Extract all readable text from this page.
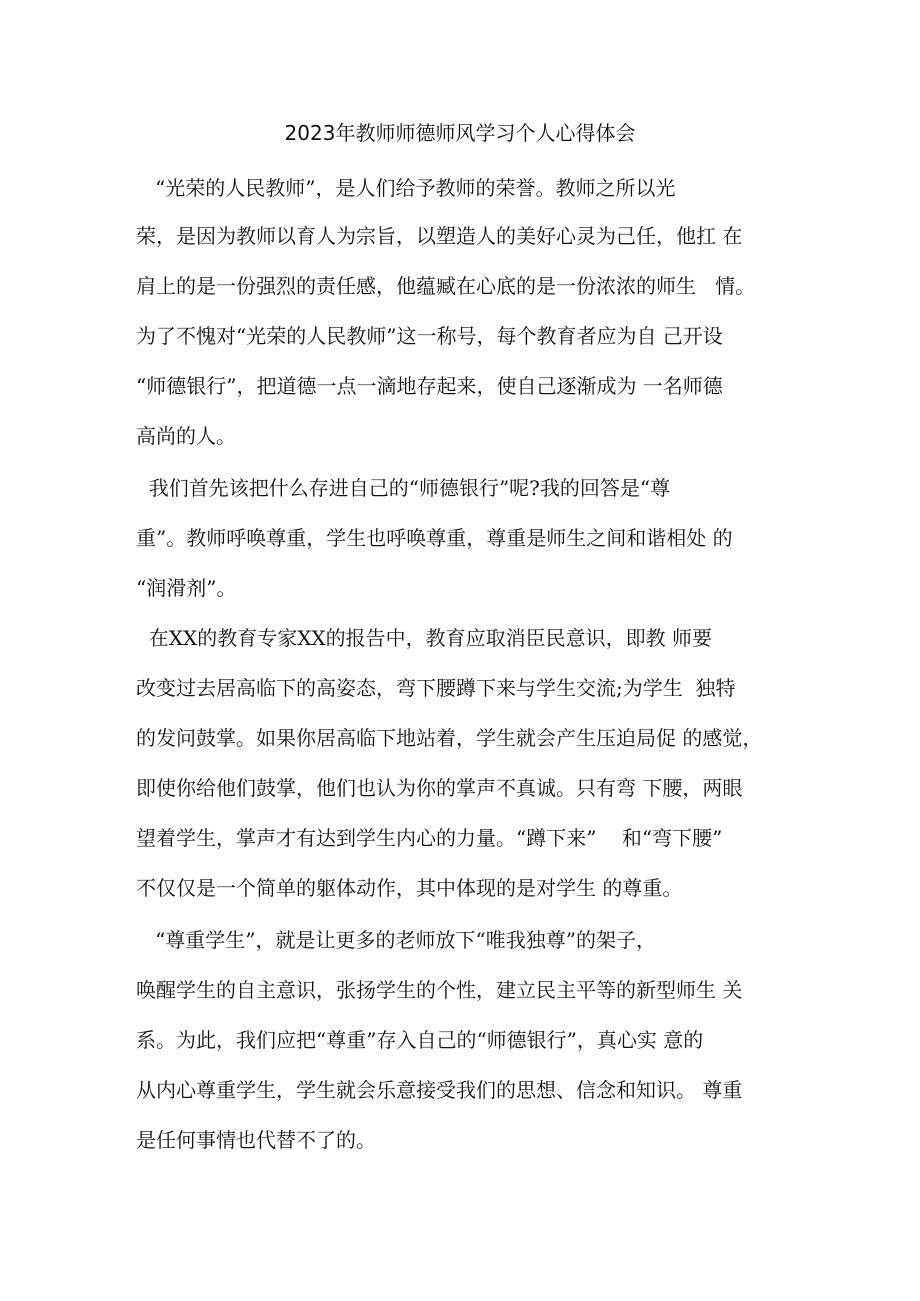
2023年教师师德师风学习个人心得体会
“光荣的人民教师”，是人们给予教师的荣誉。教师之所以光
荣，是因为教师以育人为宗旨，以塑造人的美好心灵为己任，他扛 在
肩上的是一份强烈的责任感，他蕴臧在心底的是一份浓浓的师生   情。
为了不愧对“光荣的人民教师”这一称号，每个教育者应为自 己开设
“师德银行”，把道德一点一滴地存起来，使自己逐渐成为 一名师德
高尚的人。
我们首先该把什么存进自己的“师德银行”呢?我的回答是“尊
重”。教师呼唤尊重，学生也呼唤尊重，尊重是师生之间和谐相处 的
“润滑剂”。
在XX的教育专家XX的报告中，教育应取消臣民意识，即教 师要
改变过去居高临下的高姿态，弯下腰蹲下来与学生交流;为学生  独特
的发问鼓掌。如果你居高临下地站着，学生就会产生压迫局促 的感觉，
即使你给他们鼓掌，他们也认为你的掌声不真诚。只有弯 下腰，两眼
望着学生，掌声才有达到学生内心的力量。“蹲下来”    和“弯下腰”
不仅仅是一个简单的躯体动作，其中体现的是对学生 的尊重。
“尊重学生”，就是让更多的老师放下“唯我独尊”的架子，
唤醒学生的自主意识，张扬学生的个性，建立民主平等的新型师生 关
系。为此，我们应把“尊重”存入自己的“师德银行”，真心实 意的
从内心尊重学生，学生就会乐意接受我们的思想、信念和知识。 尊重
是任何事情也代替不了的。
